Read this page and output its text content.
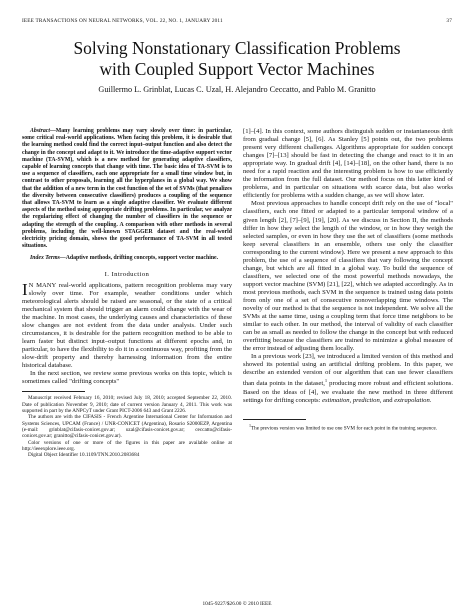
IEEE TRANSACTIONS ON NEURAL NETWORKS, VOL. 22, NO. 1, JANUARY 2011	37
Solving Nonstationary Classification Problems
with Coupled Support Vector Machines
Guillermo L. Grinblat, Lucas C. Uzal, H. Alejandro Ceccatto, and Pablo M. Granitto

Abstract—Many learning problems may vary slowly over time: in particular, some critical real-world applications. When facing this problem, it is desirable that the learning method could find the correct input–output function and also detect the change in the concept and adapt to it. We introduce the time-adaptive support vector machine (TA-SVM), which is a new method for generating adaptive classifiers, capable of learning concepts that change with time. The basic idea of TA-SVM is to use a sequence of classifiers, each one appropriate for a small time window but, in contrast to other proposals, learning all the hyperplanes in a global way. We show that the addition of a new term in the cost function of the set of SVMs (that penalizes the diversity between consecutive classifiers) produces a coupling of the sequence that allows TA-SVM to learn as a single adaptive classifier. We evaluate different aspects of the method using appropriate drifting problems. In particular, we analyze the regularizing effect of changing the number of classifiers in the sequence or adapting the strength of the coupling. A comparison with other methods in several problems, including the well-known STAGGER dataset and the real-world electricity pricing domain, shows the good performance of TA-SVM in all tested situations.

Index Terms—Adaptive methods, drifting concepts, support vector machine.

I. Introduction

I N MANY real-world applications, pattern recognition problems may vary slowly over time. For example, weather conditions under which meteorological alerts should be raised are seasonal, or the state of a critical mechanical system that should trigger an alarm could change with the wear of the machine. In most cases, the underlying causes and characteristics of these slow changes are not evident from the data under analysis. Under such circumstances, it is desirable for the pattern recognition method to be able to learn faster but distinct input–output functions at different epochs and, in particular, to have the flexibility to do it in a continuous way, profiting from the slow-drift property and thereby harnessing information from the entire historical database.

In the next section, we review some previous works on this topic, which is sometimes called "drifting concepts"

Manuscript received February 16, 2010; revised July 18, 2010; accepted September 22, 2010. Date of publication November 9, 2010; date of current version January 4, 2011. This work was supported in part by the ANPCyT under Grant PICT-2006 643 and Grant 2226.

The authors are with the CIFASIS - French Argentine International Center for Information and Systems Sciences, UPCAM (France) / UNR-CONICET (Argentina), Rosario S2000EZP, Argentina (e-mail: grinblat@cifasis-conicet.gov.ar; uzal@cifasis-conicet.gov.ar; ceccatto@cifasis-conicet.gov.ar; granitto@cifasis-conicet.gov.ar).

Color versions of one or more of the figures in this paper are available online at http://ieeexplore.ieee.org.

Digital Object Identifier 10.1109/TNN.2010.2083684

[1]–[4]. In this context, some authors distinguish sudden or instantaneous drift from gradual change [5], [6]. As Stanley [5] points out, the two problems present very different challenges. Algorithms appropriate for sudden concept changes [7]–[13] should be fast in detecting the change and react to it in an appropriate way. In gradual drift [4], [14]–[18], on the other hand, there is no need for a rapid reaction and the interesting problem is how to use efficiently the information from the full dataset. Our method focus on this latter kind of problems, and in particular on situations with scarce data, but also works efficiently for problems with a sudden change, as we will show later.

Most previous approaches to handle concept drift rely on the use of "local" classifiers, each one fitted or adapted to a particular temporal window of a given length [2], [7]–[9], [19], [20]. As we discuss in Section II, the methods differ in how they select the length of the window, or in how they weigh the selected samples, or even in how they use the set of classifiers (some methods keep several classifiers in an ensemble, others use only the classifier corresponding to the current window). Here we present a new approach to this problem, the use of a sequence of classifiers that vary following the concept change, but which are all fitted in a global way. To build the sequence of classifiers, we selected one of the most powerful methods nowadays, the support vector machine (SVM) [21], [22], which we adapted accordingly. As in most previous methods, each SVM in the sequence is trained using data points from only one of a set of consecutive nonoverlapping time windows. The novelty of our method is that the sequence is not independent. We solve all the SVMs at the same time, using a coupling term that force time neighbors to be similar to each other. In our method, the interval of validity of each classifier can be as small as needed to follow the change in the concept but with reduced overfitting because the classifiers are trained to minimize a global measure of the error instead of adjusting them locally.

In a previous work [23], we introduced a limited version of this method and showed its potential using an artificial drifting problem. In this paper, we describe an extended version of our algorithm that can use fewer classifiers than data points in the dataset,$^1$ producing more robust and efficient solutions. Based on the ideas of [4], we evaluate the new method in three different settings for drifting concepts: estimation, prediction, and extrapolation.

$^1$The previous version was limited to use one SVM for each point in the training sequence.

1045-9227/$26.00 © 2010 IEEE
